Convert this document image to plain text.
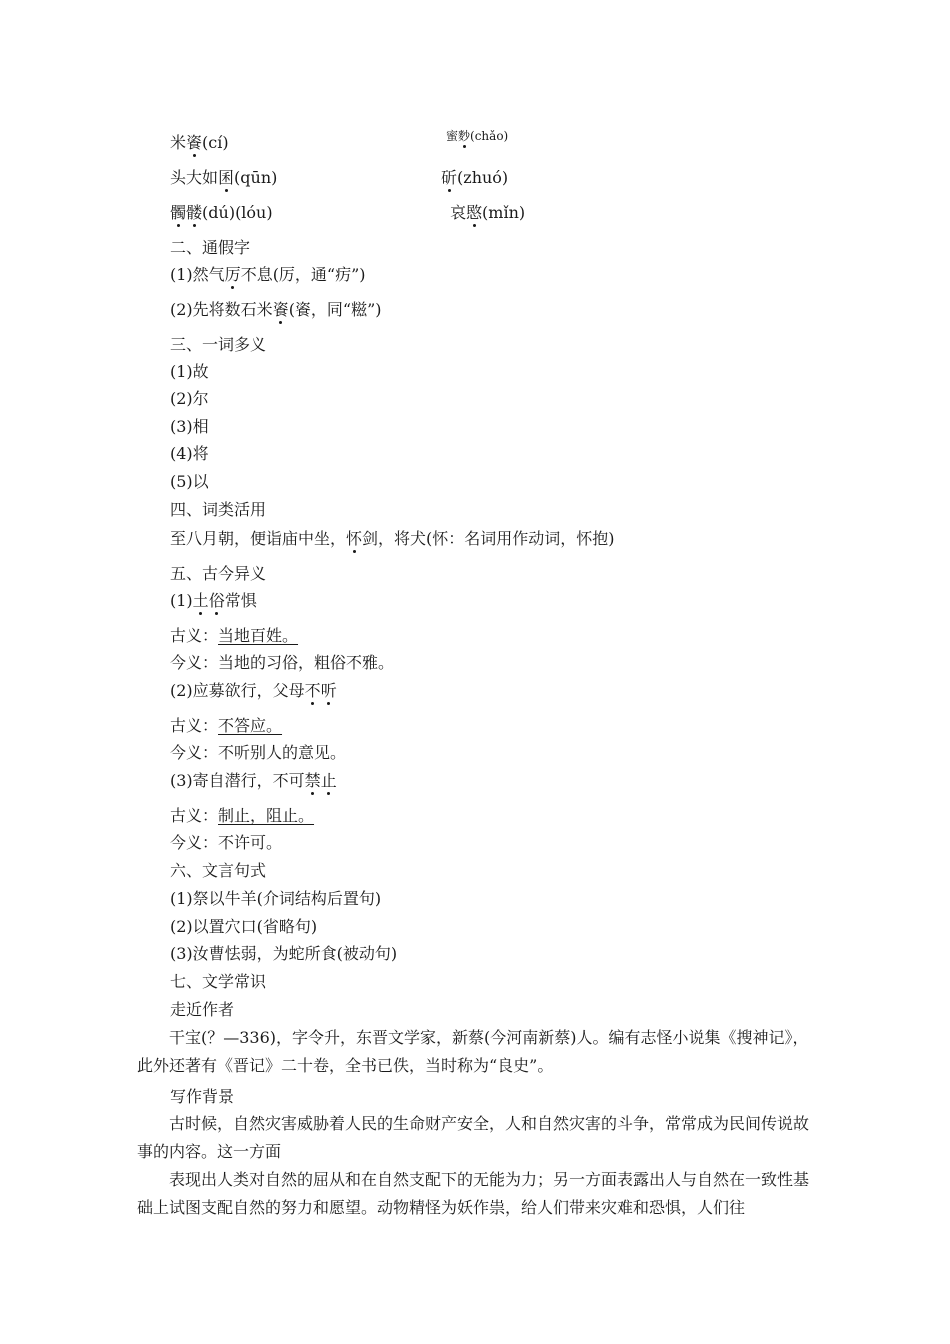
米餈(cí)	蜜麨(chǎo)
头大如囷(qūn)	斫(zhuó)
髑髅(dú)(lóu)	哀愍(mǐn)
二、通假字
(1)然气厉不息(厉，通“疠”)
(2)先将数石米餈(餈，同“糍”)
三、一词多义
(1)故
(2)尔
(3)相
(4)将
(5)以
四、词类活用
至八月朝，便诣庙中坐，怀剑，将犬(怀：名词用作动词，怀抱)
五、古今异义
(1)土俗常惧
古义：当地百姓。
今义：当地的习俗，粗俗不雅。
(2)应募欲行，父母不听
古义：不答应。
今义：不听别人的意见。
(3)寄自潜行，不可禁止
古义：制止，阻止。
今义：不许可。
六、文言句式
(1)祭以牛羊(介词结构后置句)
(2)以置穴口(省略句)
(3)汝曹怯弱，为蛇所食(被动句)
七、文学常识
走近作者
干宝(？—336)，字令升，东晋文学家，新蔡(今河南新蔡)人。编有志怪小说集《搜神记》，此外还著有《晋记》二十卷，全书已佚，当时称为“良史”。
写作背景
古时候，自然灾害威胁着人民的生命财产安全，人和自然灾害的斗争，常常成为民间传说故事的内容。这一方面
表现出人类对自然的屈从和在自然支配下的无能为力；另一方面表露出人与自然在一致性基础上试图支配自然的努力和愿望。动物精怪为妖作祟，给人们带来灾难和恐惧，人们往
